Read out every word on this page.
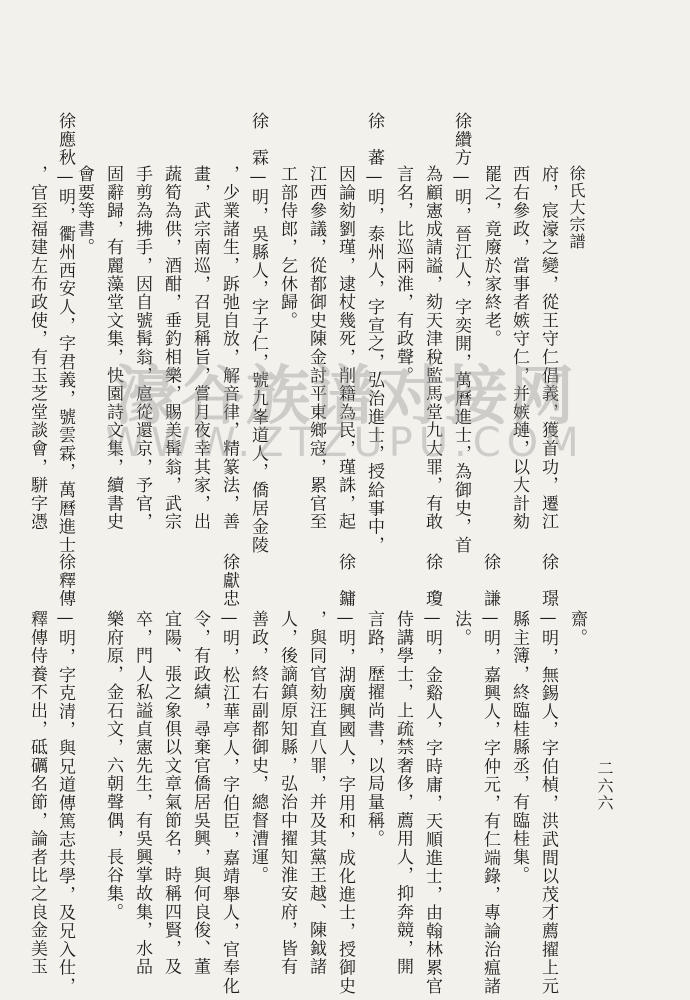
徐氏大宗譜
府，宸濠之變，從王守仁倡義，獲首功，遷江
西右參政，當事者嫉守仁，并嫉璉，以大計劾
罷之，竟廢於家終老。
徐纘方—明，晉江人，字奕開，萬曆進士，為御史，首
為顧憲成請謚，劾天津稅監馬堂九大罪，有敢
言名，比巡兩淮，有政聲。
徐　蕃—明，泰州人，字宣之，弘治進士，授給事中，
因論劾劉瑾，逮杖幾死，削籍為民，瑾誅，起
江西參議，從都御史陳金討平東鄉寇，累官至
工部侍郎，乞休歸。
徐　霖—明，吳縣人，字子仁，號九峯道人，僑居金陵
，少業諸生，跅弛自放，解音律，精篆法，善
畫，武宗南巡，召見稱旨，嘗月夜幸其家，出
蔬筍為供，酒酣，垂釣相樂，賜美髯翁，武宗
手剪為拂手，因自號髯翁，扈從還京，予官，
固辭歸，有麗藻堂文集，快園詩文集，續書史
會要等書。
徐應秋—明，衢州西安人，字君義，號雲霖，萬曆進士
，官至福建左布政使，有玉芝堂談會，駢字憑
二六六
齋。
徐　璟—明，無錫人，字伯楨，洪武間以茂才薦擢上元
縣主簿，終臨桂縣丞，有臨桂集。
徐　謙—明，嘉興人，字仲元，有仁端錄，專論治瘟諸
法。
徐　瓊—明，金谿人，字時庸，天順進士，由翰林累官
侍講學士，上疏禁奢侈，薦用人，抑奔競，開
言路，歷擢尚書，以局量稱。
徐　鏞—明，湖廣興國人，字用和，成化進士，授御史
，與同官劾汪直八罪，并及其黨王越、陳鉞諸
人，後謫鎮原知縣，弘治中擢知淮安府，皆有
善政，終右副都御史，總督漕運。
徐獻忠—明，松江華亭人，字伯臣，嘉靖舉人，官奉化
令，有政績，尋棄官僑居吳興，與何良俊、董
宜陽、張之象俱以文章氣節名，時稱四賢，及
卒，門人私謚貞憲先生，有吳興掌故集，水品
樂府原，金石文，六朝聲偶，長谷集。
徐釋傳—明，字克清，與兄道傳篤志共學，及兄入仕，
釋傳侍養不出，砥礪名節，論者比之良金美玉
濠谷族谱对接网
WWW.ZTZUPU.COM
